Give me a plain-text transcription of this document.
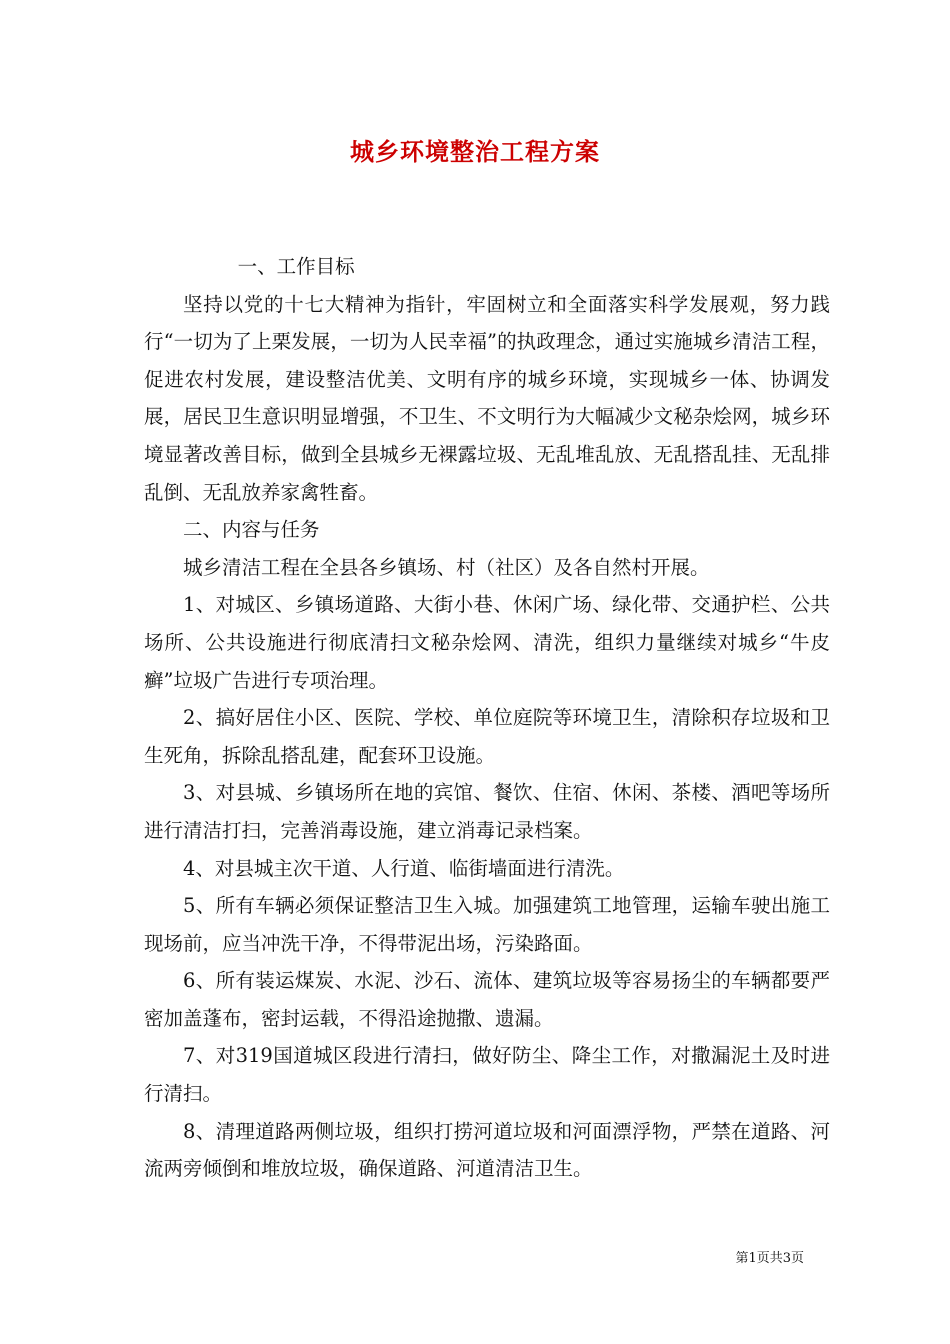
城乡环境整治工程方案

一、工作目标

坚持以党的十七大精神为指针，牢固树立和全面落实科学发展观，努力践行“一切为了上栗发展，一切为人民幸福”的执政理念，通过实施城乡清洁工程，促进农村发展，建设整洁优美、文明有序的城乡环境，实现城乡一体、协调发展，居民卫生意识明显增强，不卫生、不文明行为大幅减少文秘杂烩网，城乡环境显著改善目标，做到全县城乡无裸露垃圾、无乱堆乱放、无乱搭乱挂、无乱排乱倒、无乱放养家禽牲畜。

二、内容与任务

城乡清洁工程在全县各乡镇场、村（社区）及各自然村开展。

1、对城区、乡镇场道路、大街小巷、休闲广场、绿化带、交通护栏、公共场所、公共设施进行彻底清扫文秘杂烩网、清洗，组织力量继续对城乡“牛皮癣”垃圾广告进行专项治理。

2、搞好居住小区、医院、学校、单位庭院等环境卫生，清除积存垃圾和卫生死角，拆除乱搭乱建，配套环卫设施。

3、对县城、乡镇场所在地的宾馆、餐饮、住宿、休闲、茶楼、酒吧等场所进行清洁打扫，完善消毒设施，建立消毒记录档案。

4、对县城主次干道、人行道、临街墙面进行清洗。

5、所有车辆必须保证整洁卫生入城。加强建筑工地管理，运输车驶出施工现场前，应当冲洗干净，不得带泥出场，污染路面。

6、所有装运煤炭、水泥、沙石、流体、建筑垃圾等容易扬尘的车辆都要严密加盖蓬布，密封运载，不得沿途抛撒、遗漏。

7、对319国道城区段进行清扫，做好防尘、降尘工作，对撒漏泥土及时进行清扫。

8、清理道路两侧垃圾，组织打捞河道垃圾和河面漂浮物，严禁在道路、河流两旁倾倒和堆放垃圾，确保道路、河道清洁卫生。

第1页共3页
